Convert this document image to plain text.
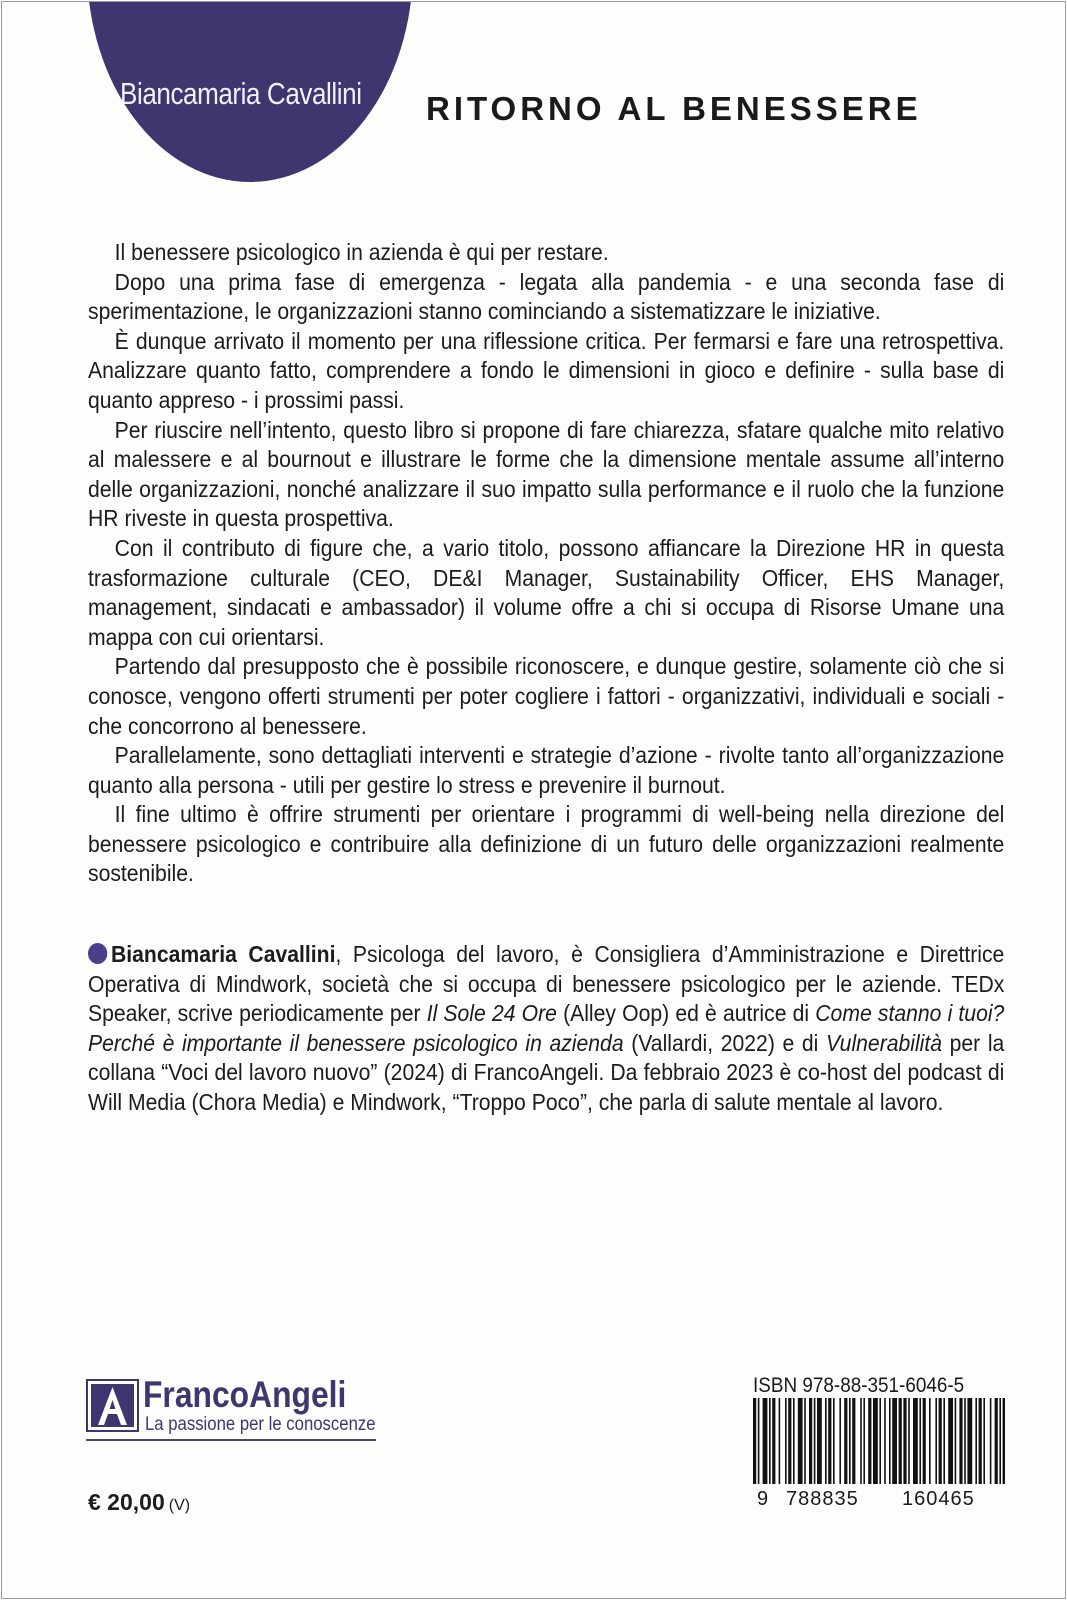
Biancamaria Cavallini RITORNO AL BENESSERE

Il benessere psicologico in azienda è qui per restare.

Dopo una prima fase di emergenza - legata alla pandemia - e una seconda fase di sperimentazione, le organizzazioni stanno cominciando a sistematizzare le iniziative.

È dunque arrivato il momento per una riflessione critica. Per fermarsi e fare una retrospettiva. Analizzare quanto fatto, comprendere a fondo le dimensioni in gioco e definire - sulla base di quanto appreso - i prossimi passi.

Per riuscire nell’intento, questo libro si propone di fare chiarezza, sfatare qualche mito relativo al malessere e al bournout e illustrare le forme che la dimensione mentale assume all’interno delle organizzazioni, nonché analizzare il suo impatto sulla performance e il ruolo che la funzione HR riveste in questa prospettiva.

Con il contributo di figure che, a vario titolo, possono affiancare la Direzione HR in questa trasformazione culturale (CEO, DE&I Manager, Sustainability Officer, EHS Manager, management, sindacati e ambassador) il volume offre a chi si occupa di Risorse Umane una mappa con cui orientarsi.

Partendo dal presupposto che è possibile riconoscere, e dunque gestire, solamente ciò che si conosce, vengono offerti strumenti per poter cogliere i fattori - organizzativi, individuali e sociali - che concorrono al benessere.

Parallelamente, sono dettagliati interventi e strategie d’azione - rivolte tanto all’organizzazione quanto alla persona - utili per gestire lo stress e prevenire il burnout.

Il fine ultimo è offrire strumenti per orientare i programmi di well-being nella direzione del benessere psicologico e contribuire alla definizione di un futuro delle organizzazioni realmente sostenibile.

Biancamaria Cavallini, Psicologa del lavoro, è Consigliera d’Amministrazione e Direttrice Operativa di Mindwork, società che si occupa di benessere psicologico per le aziende. TEDx Speaker, scrive periodicamente per Il Sole 24 Ore (Alley Oop) ed è autrice di Come stanno i tuoi? Perché è importante il benessere psicologico in azienda (Vallardi, 2022) e di Vulnerabilità per la collana “Voci del lavoro nuovo” (2024) di FrancoAngeli. Da febbraio 2023 è co-host del podcast di Will Media (Chora Media) e Mindwork, “Troppo Poco”, che parla di salute mentale al lavoro.

FrancoAngeli
La passione per le conoscenze
€ 20,00 (V)
ISBN 978-88-351-6046-5
9 788835 160465
